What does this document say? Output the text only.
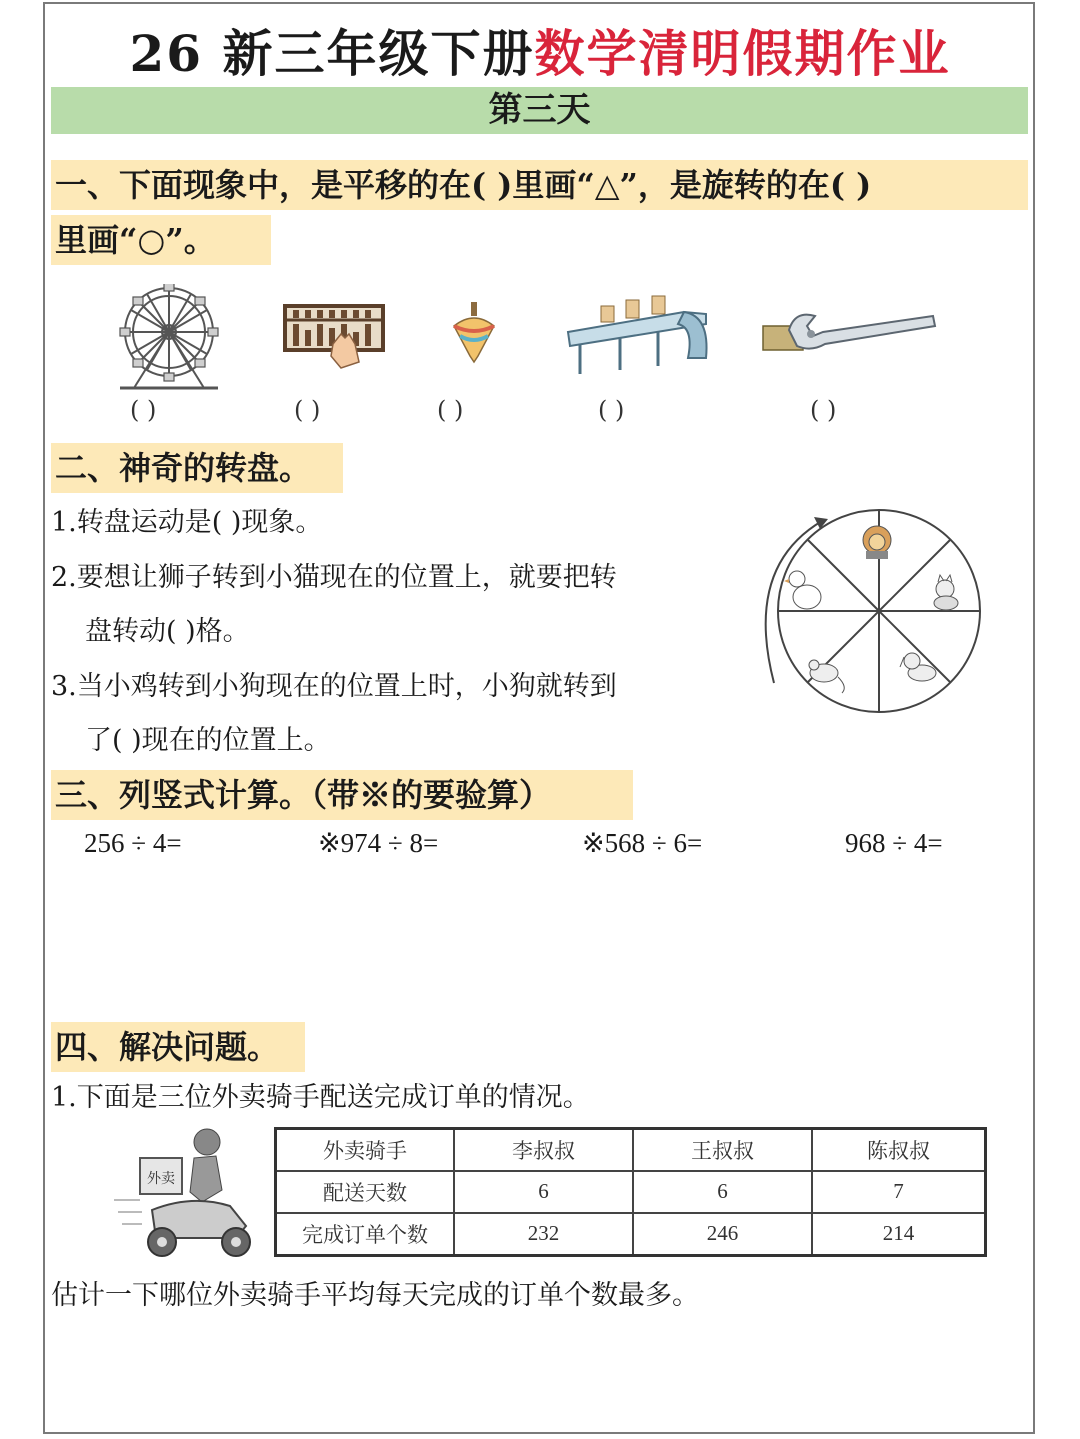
26 新三年级下册数学清明假期作业
第三天
一、下面现象中，是平移的在( )里画“△”，是旋转的在( )
里画“○”。
( )	( )	( )	( )	( )
二、神奇的转盘。
1.转盘运动是( )现象。
2.要想让狮子转到小猫现在的位置上，就要把转
盘转动( )格。
3.当小鸡转到小狗现在的位置上时，小狗就转到
了( )现在的位置上。
三、列竖式计算。（带※的要验算）
256 ÷ 4=	※974 ÷ 8=	※568 ÷ 6=	968 ÷ 4=
四、解决问题。
1.下面是三位外卖骑手配送完成订单的情况。
外卖
外卖骑手	李叔叔	王叔叔	陈叔叔
配送天数	6	6	7
完成订单个数	232	246	214
估计一下哪位外卖骑手平均每天完成的订单个数最多。
